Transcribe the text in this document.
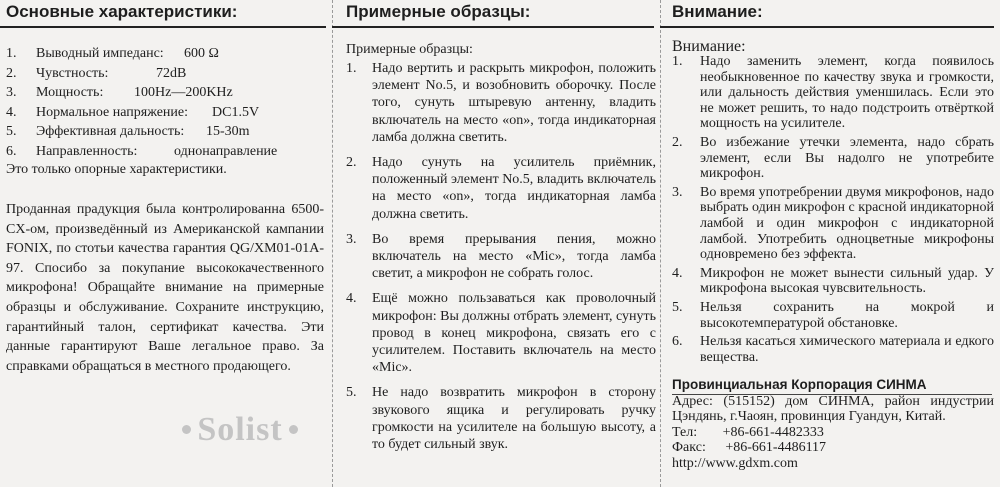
Основные характеристики:
1. Выводный импеданс: 600 Ω
2. Чувстность:	72dB
3. Мощность: 100Hz—200KHz
4. Нормальное напряжение: DC1.5V
5. Эффективная дальность: 15-30m
6. Направленность:	однонаправление
Это только опорные характеристики.
Проданная прадукция была контролированна 6500-CX-ом, произведённый из Американской кампании FONIX, по стотьи качества гарантия QG/XM01-01A-97. Спосибо за покупание высококачественного микрофона! Обращайте внимание на примерные образцы и обслуживание. Сохраните инструкцию, гарантийный талон, сертификат качества. Эти данные гарантируют Ваше легальное право. За справками обращаться в местного продающего.
Solist
Примерные образцы:
Примерные образцы:
1. Надо вертить и раскрыть микрофон, положить элемент No.5, и возобновить оборочку. После того, сунуть штыревую антенну, владить включатель на место «on», тогда индикаторная ламба должна светить.
2. Надо сунуть на усилитель приёмник, положенный элемент No.5, владить включатель на место «on», тогда индикаторная ламба должна светить.
3. Во время прерывания пения, можно включатель на место «Mic», тогда ламба светит, а микрофон не собрать голос.
4. Ещё можно пользаваться как проволочный микрофон: Вы должны отбрать элемент, сунуть провод в конец микрофона, связать его с усилителем. Поставить включатель на место «Mic».
5. Не надо возвратить микрофон в сторону звукового ящика и регулировать ручку громкости на усилителе на большую высоту, а то будет сильный звук.
Внимание:
Внимание:
1. Надо заменить элемент, когда появилось необыкновенное по качеству звука и громкости, или дальность действия уменшилась. Если это не может решить, то надо подстроить отвёрткой мощность на усилителе.
2. Во избежание утечки элемента, надо сбрать элемент, если Вы надолго не употребите микрофон.
3. Во время употребрении двумя микрофонов, надо выбрать один микрофон с красной индикаторной ламбой и один микрофон с индикаторной ламбой. Употребить одноцветные микрофоны одновремено без эффекта.
4. Микрофон не может вынести сильный удар. У микрофона высокая чувсвительность.
5. Нельзя сохранить на мокрой и высокотемпературой обстановке.
6. Нельзя касаться химического материала и едкого вещества.
Провинциальная Корпорация СИНМА
Адрес: (515152) дом СИНМА, район индустрии Цэндянь, г.Чаоян, провинция Гуандун, Китай.
Тел: +86-661-4482333
Факс: +86-661-4486117
http://www.gdxm.com
